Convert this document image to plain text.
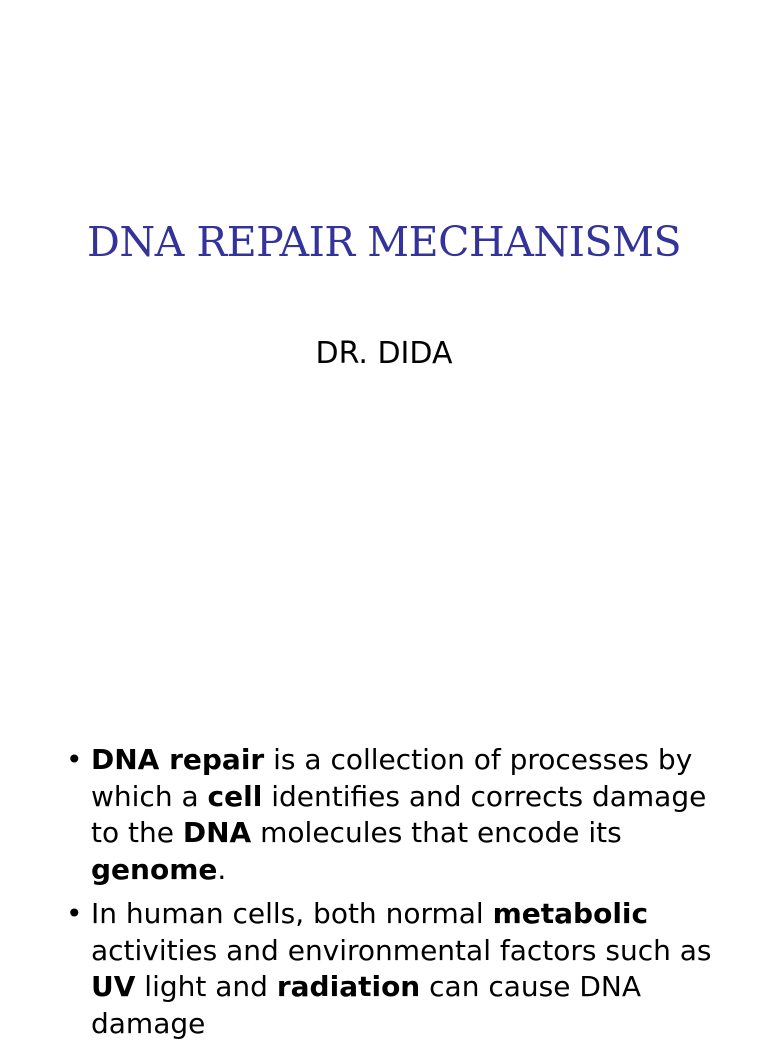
DNA REPAIR MECHANISMS
DR. DIDA
• DNA repair is a collection of processes by which a cell identifies and corrects damage to the DNA molecules that encode its genome.
• In human cells, both normal metabolic activities and environmental factors such as UV light and radiation can cause DNA damage
